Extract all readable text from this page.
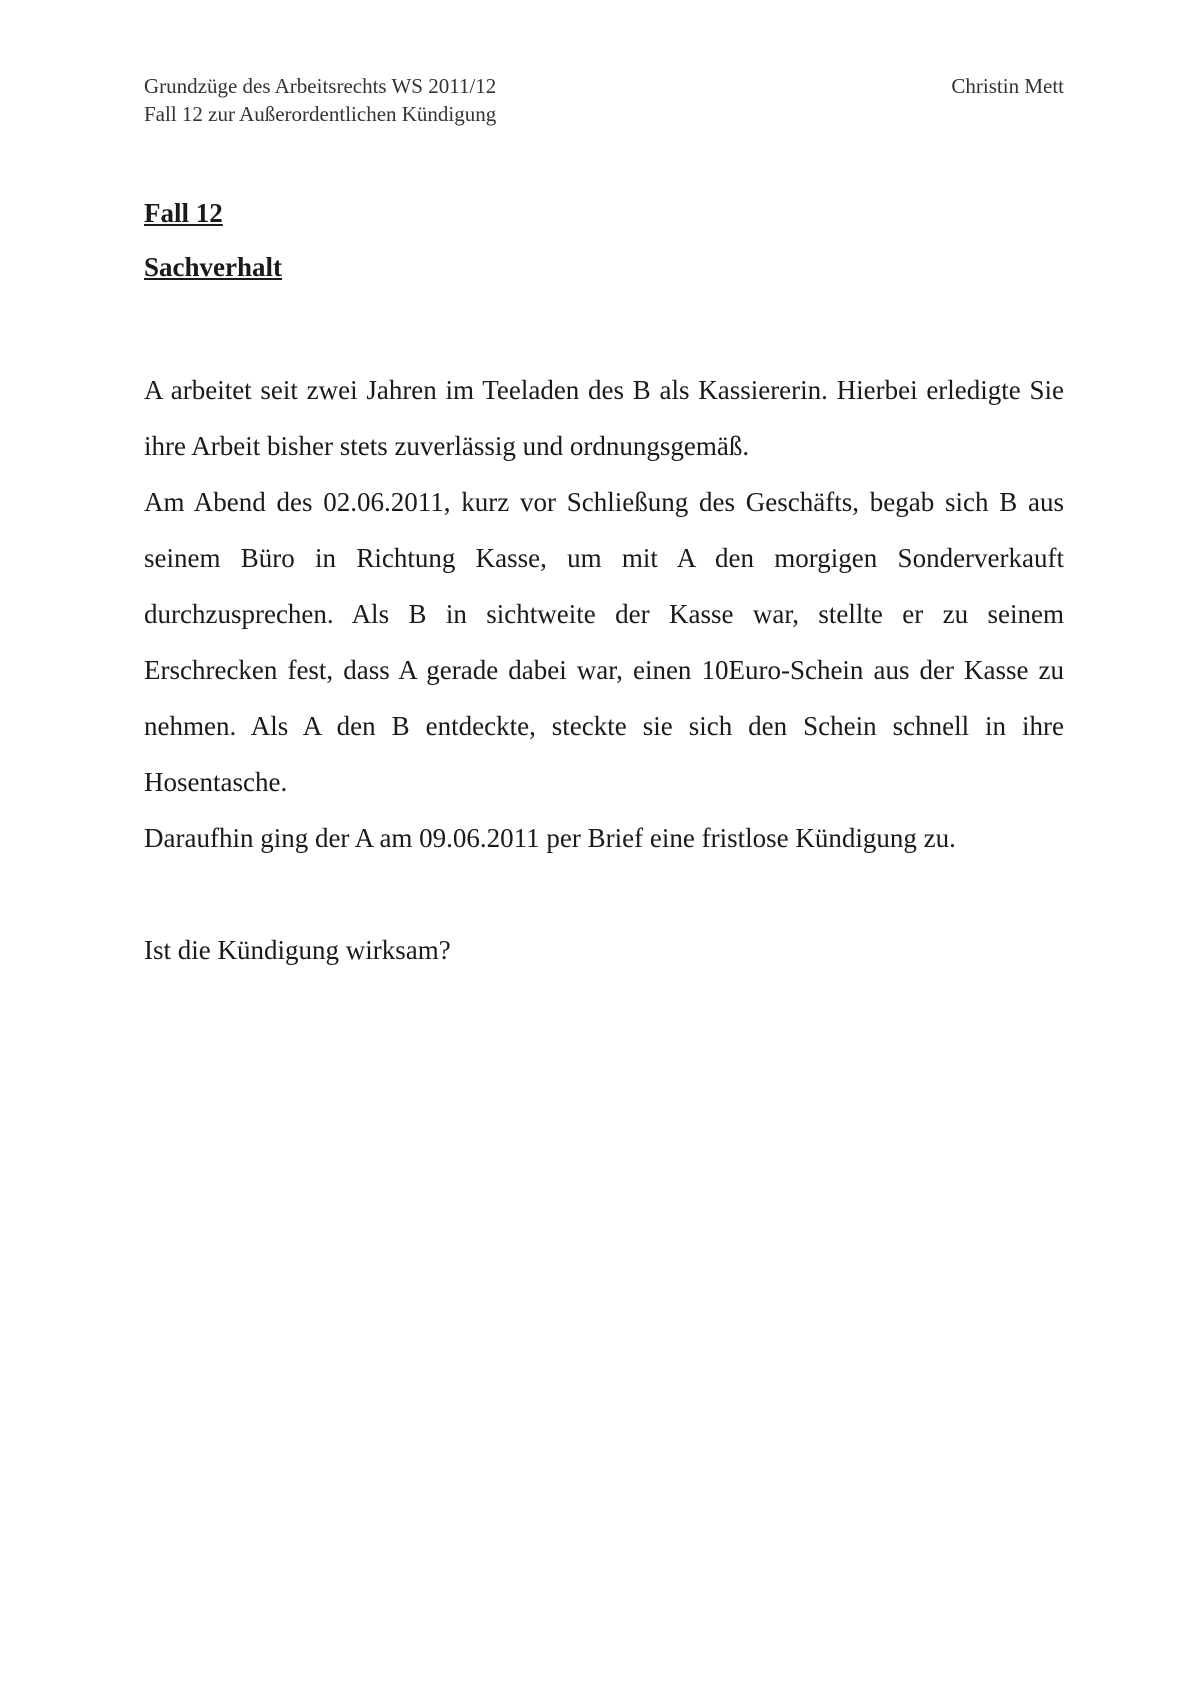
Grundzüge des Arbeitsrechts WS 2011/12	Christin Mett
Fall 12 zur Außerordentlichen Kündigung
Fall 12
Sachverhalt

A arbeitet seit zwei Jahren im Teeladen des B als Kassiererin. Hierbei erledigte Sie ihre Arbeit bisher stets zuverlässig und ordnungsgemäß.

Am Abend des 02.06.2011, kurz vor Schließung des Geschäfts, begab sich B aus seinem Büro in Richtung Kasse, um mit A den morgigen Sonderverkauft durchzusprechen. Als B in sichtweite der Kasse war, stellte er zu seinem Erschrecken fest, dass A gerade dabei war, einen 10Euro-Schein aus der Kasse zu nehmen. Als A den B entdeckte, steckte sie sich den Schein schnell in ihre Hosentasche.

Daraufhin ging der A am 09.06.2011 per Brief eine fristlose Kündigung zu.

Ist die Kündigung wirksam?
